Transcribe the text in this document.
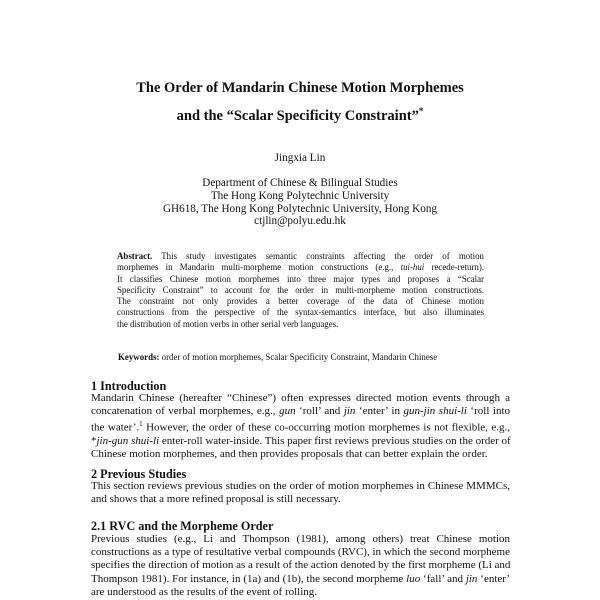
The Order of Mandarin Chinese Motion Morphemes
and the “Scalar Specificity Constraint”*
Jingxia Lin
Department of Chinese & Bilingual Studies
The Hong Kong Polytechnic University
GH618, The Hong Kong Polytechnic University, Hong Kong
ctjlin@polyu.edu.hk
Abstract. This study investigates semantic constraints affecting the order of motion
morphemes in Mandarin multi-morpheme motion constructions (e.g., tui-hui recede-return).
It classifies Chinese motion morphemes into three major types and proposes a “Scalar
Specificity Constraint” to account for the order in multi-morpheme motion constructions.
The constraint not only provides a better coverage of the data of Chinese motion
constructions from the perspective of the syntax-semantics interface, but also illuminates
the distribution of motion verbs in other serial verb languages.
Keywords: order of motion morphemes, Scalar Specificity Constraint, Mandarin Chinese
1 Introduction
Mandarin Chinese (hereafter “Chinese”) often expresses directed motion events through a
concatenation of verbal morphemes, e.g., gun ‘roll’ and jin ‘enter’ in gun-jin shui-li ‘roll into
the water’.$^1$ However, the order of these co-occurring motion morphemes is not flexible, e.g.,
*jin-gun shui-li enter-roll water-inside. This paper first reviews previous studies on the order of
Chinese motion morphemes, and then provides proposals that can better explain the order.
2 Previous Studies
This section reviews previous studies on the order of motion morphemes in Chinese MMMCs,
and shows that a more refined proposal is still necessary.
2.1 RVC and the Morpheme Order
Previous studies (e.g., Li and Thompson (1981), among others) treat Chinese motion
constructions as a type of resultative verbal compounds (RVC), in which the second morpheme
specifies the direction of motion as a result of the action denoted by the first morpheme (Li and
Thompson 1981). For instance, in (1a) and (1b), the second morpheme luo ‘fall’ and jin ‘enter’
are understood as the results of the event of rolling.
